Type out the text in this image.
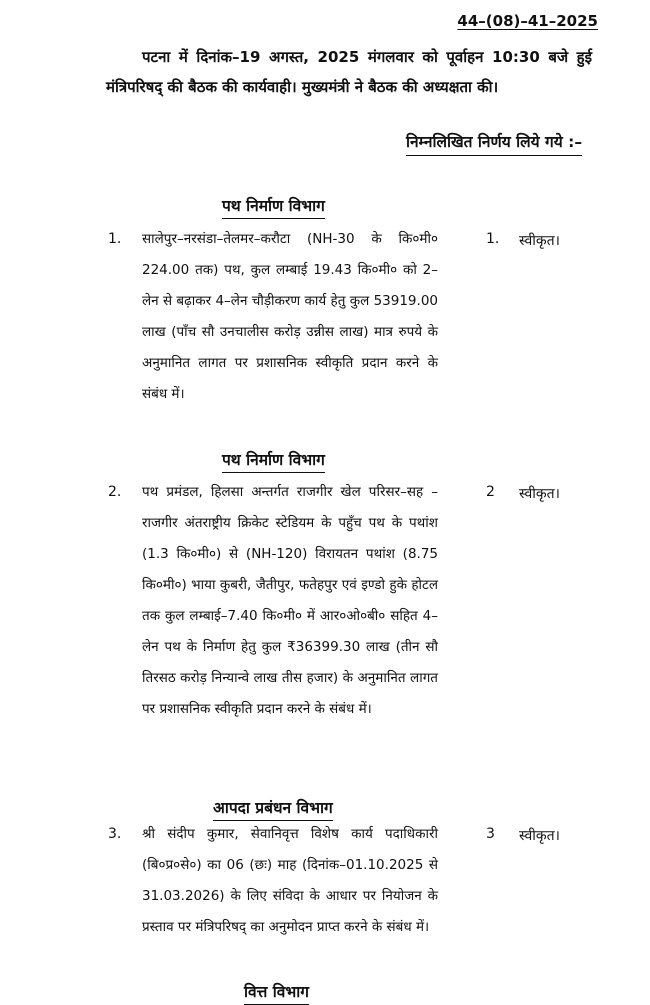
44–(08)–41–2025
पटना में दिनांक–19 अगस्त, 2025 मंगलवार को पूर्वाहन 10:30 बजे हुई मंत्रिपरिषद् की बैठक की कार्यवाही। मुख्यमंत्री ने बैठक की अध्यक्षता की।
निम्नलिखित निर्णय लिये गये :–
पथ निर्माण विभाग
1. सालेपुर–नरसंडा–तेलमर–करौटा (NH-30 के कि०मी० 224.00 तक) पथ, कुल लम्बाई 19.43 कि०मी० को 2–लेन से बढ़ाकर 4–लेन चौड़ीकरण कार्य हेतु कुल 53919.00 लाख (पाँच सौ उनचालीस करोड़ उन्नीस लाख) मात्र रुपये के अनुमानित लागत पर प्रशासनिक स्वीकृति प्रदान करने के संबंध में।
1. स्वीकृत।
पथ निर्माण विभाग
2. पथ प्रमंडल, हिलसा अन्तर्गत राजगीर खेल परिसर–सह –राजगीर अंतराष्ट्रीय क्रिकेट स्टेडियम के पहुँच पथ के पथांश (1.3 कि०मी०) से (NH-120) विरायतन पथांश (8.75 कि०मी०) भाया कुबरी, जैतीपुर, फतेहपुर एवं इण्डो हुके होटल तक कुल लम्बाई–7.40 कि०मी० में आर०ओ०बी० सहित 4–लेन पथ के निर्माण हेतु कुल ₹36399.30 लाख (तीन सौ तिरसठ करोड़ निन्यान्वे लाख तीस हजार) के अनुमानित लागत पर प्रशासनिक स्वीकृति प्रदान करने के संबंध में।
2 स्वीकृत।
आपदा प्रबंधन विभाग
3. श्री संदीप कुमार, सेवानिवृत्त विशेष कार्य पदाधिकारी (बि०प्र०से०) का 06 (छः) माह (दिनांक–01.10.2025 से 31.03.2026) के लिए संविदा के आधार पर नियोजन के प्रस्ताव पर मंत्रिपरिषद् का अनुमोदन प्राप्त करने के संबंध में।
3 स्वीकृत।
वित्त विभाग
